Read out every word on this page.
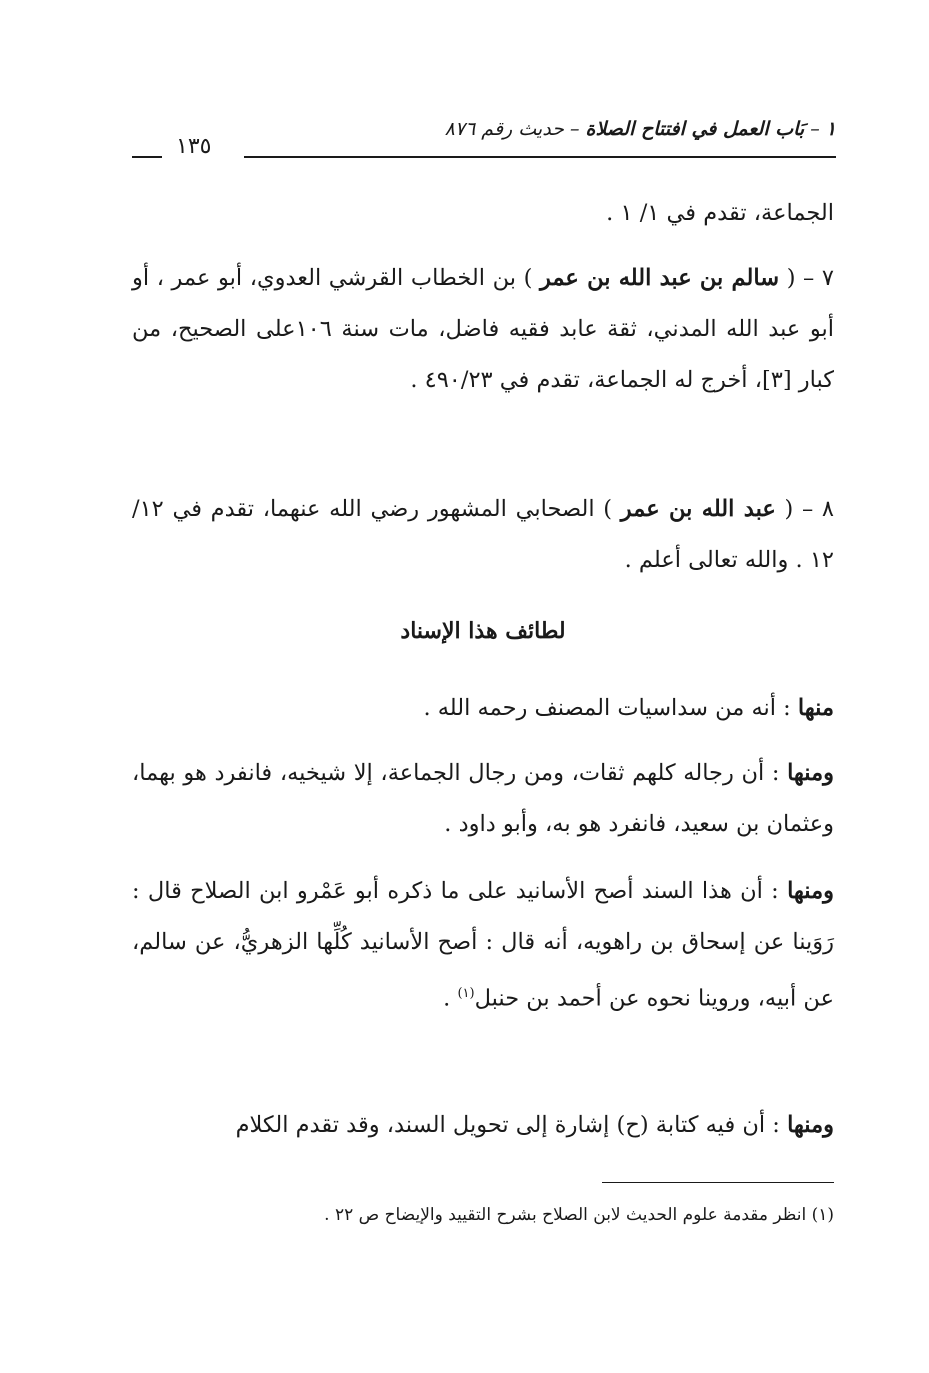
١ – بَاب العمل في افتتاح الصلاة – حديث رقم ٨٧٦
١٣٥

الجماعة، تقدم في ١/ ١ .

٧ – ( سالم بن عبد الله بن عمر ) بن الخطاب القرشي العدوي، أبو عمر ، أو أبو عبد الله المدني، ثقة عابد فقيه فاضل، مات سنة ١٠٦على الصحيح، من كبار [٣]، أخرج له الجماعة، تقدم في ٤٩٠/٢٣ .

٨ – ( عبد الله بن عمر ) الصحابي المشهور رضي الله عنهما، تقدم في ١٢/ ١٢ . والله تعالى أعلم .

لطائف هذا الإسناد

منها : أنه من سداسيات المصنف رحمه الله .

ومنها : أن رجاله كلهم ثقات، ومن رجال الجماعة، إلا شيخيه، فانفرد هو بهما، وعثمان بن سعيد، فانفرد هو به، وأبو داود .

ومنها : أن هذا السند أصح الأسانيد على ما ذكره أبو عَمْرو ابن الصلاح قال : رَوَينا عن إسحاق بن راهويه، أنه قال : أصح الأسانيد كُلِّها الزهريُّ، عن سالم، عن أبيه، وروينا نحوه عن أحمد بن حنبل$^{(١)}$ .

ومنها : أن فيه كتابة (ح) إشارة إلى تحويل السند، وقد تقدم الكلام

(١) انظر مقدمة علوم الحديث لابن الصلاح بشرح التقييد والإيضاح ص ٢٢ .
